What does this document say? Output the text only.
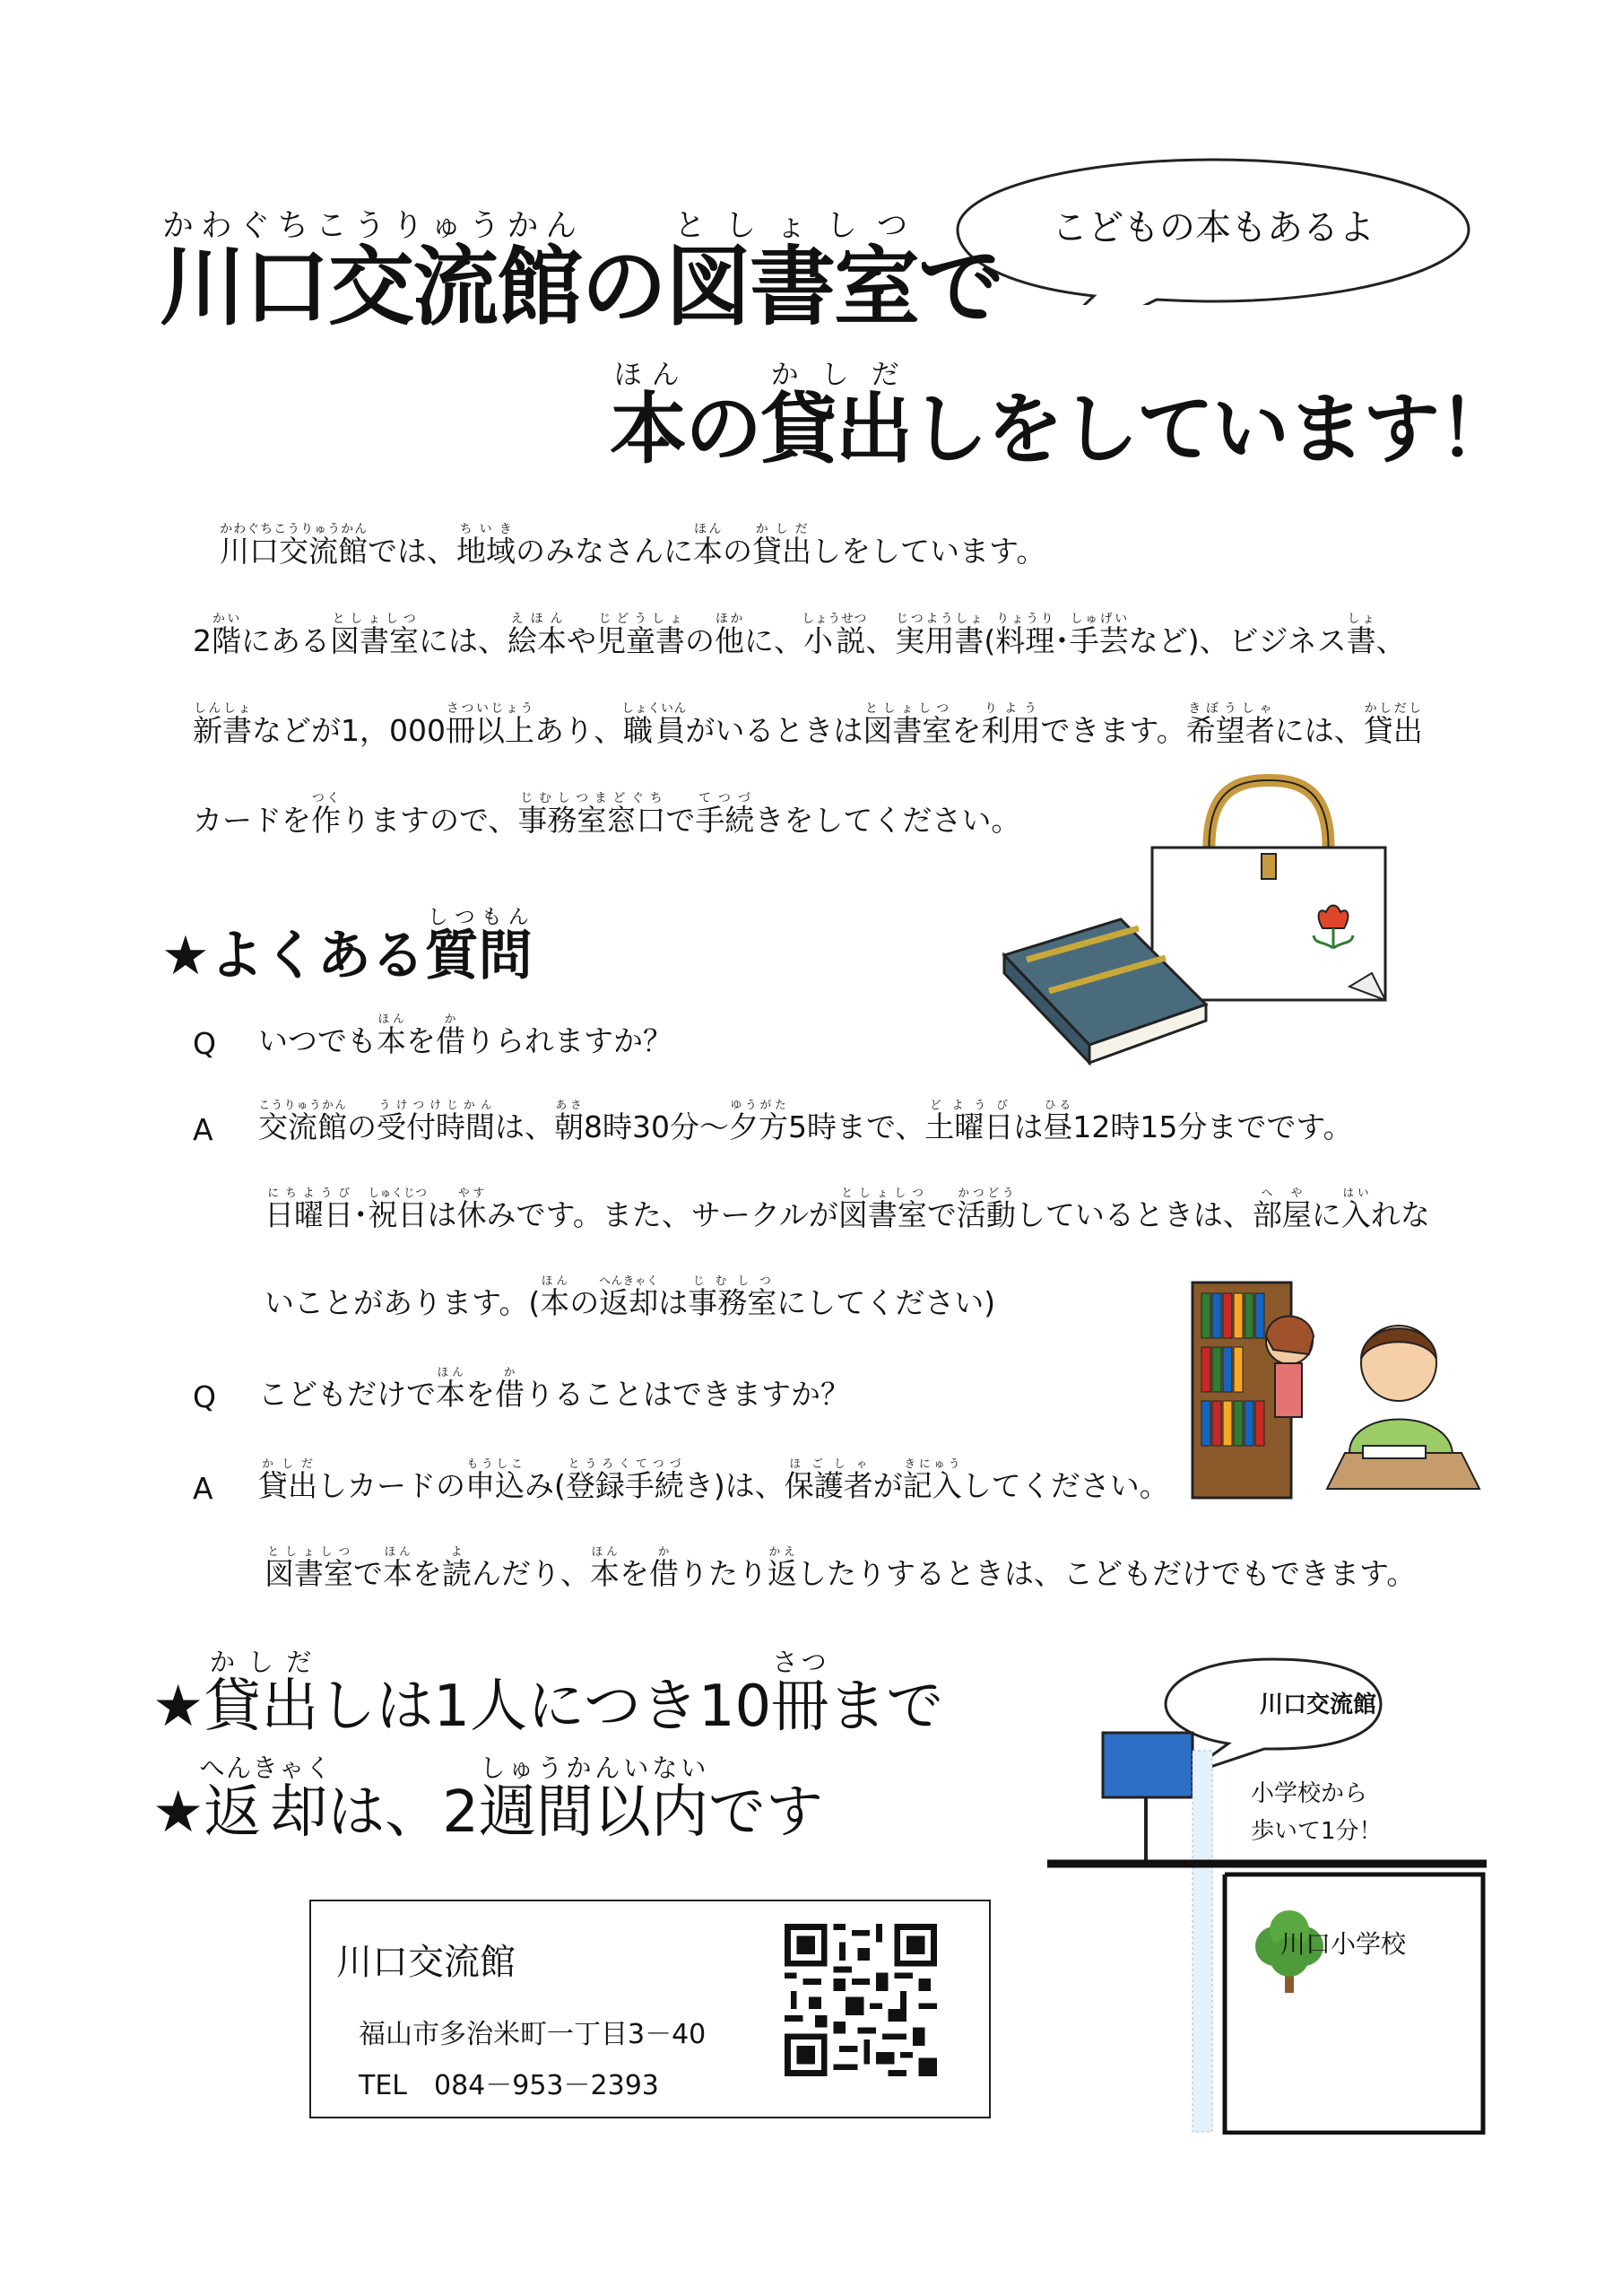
こどもの本もあるよ
川口交流館かわぐちこうりゅうかんの図書室としょしつで
本ほんの貸出かしだしをしています！
川口交流館かわぐちこうりゅうかんでは、地域ちいきのみなさんに本ほんの貸出かしだしをしています。
2階かいにある図書室としょしつには、絵本えほんや児童書じどうしょの他ほかに、小説しょうせつ、実用書じつようしょ(料理りょうり･手芸しゅげいなど)、ビジネス書しょ、
新書しんしょなどが1，000冊以上さついじょうあり、職員しょくいんがいるときは図書室としょしつを利用りようできます。希望者きぼうしゃには、貸出かしだし
カードを作つくりますので、事務室窓口じむしつまどぐちで手続てつづきをしてください。
★よくある質問しつもん
Q いつでも本ほんを借かりられますか？
A 交流館こうりゅうかんの受付時間うけつけじかんは、朝あさ8時30分～夕方ゆうがた5時まで、土曜日どようびは昼ひる12時15分までです。
日曜日にちようび･祝日しゅくじつは休やすみです。また、サークルが図書室としょしつで活動かつどうしているときは、部屋へやに入はいれな
いことがあります。(本ほんの返却へんきゃくは事務室じむしつにしてください)
Q こどもだけで本ほんを借かりることはできますか？
A 貸出かしだしカードの申込もうしこみ(登録手続とうろくてつづき)は、保護者ほごしゃが記入きにゅうしてください。
図書室としょしつで本ほんを読よんだり、本ほんを借かりたり返かえしたりするときは、こどもだけでもできます。
★貸出かしだしは1人につき10冊さつまで
★返却へんきゃくは、2週間以内しゅうかんいないです
川口交流館
福山市多治米町一丁目3－40
TEL　084－953－2393
川口交流館
小学校から
歩いて1分！
川口小学校
